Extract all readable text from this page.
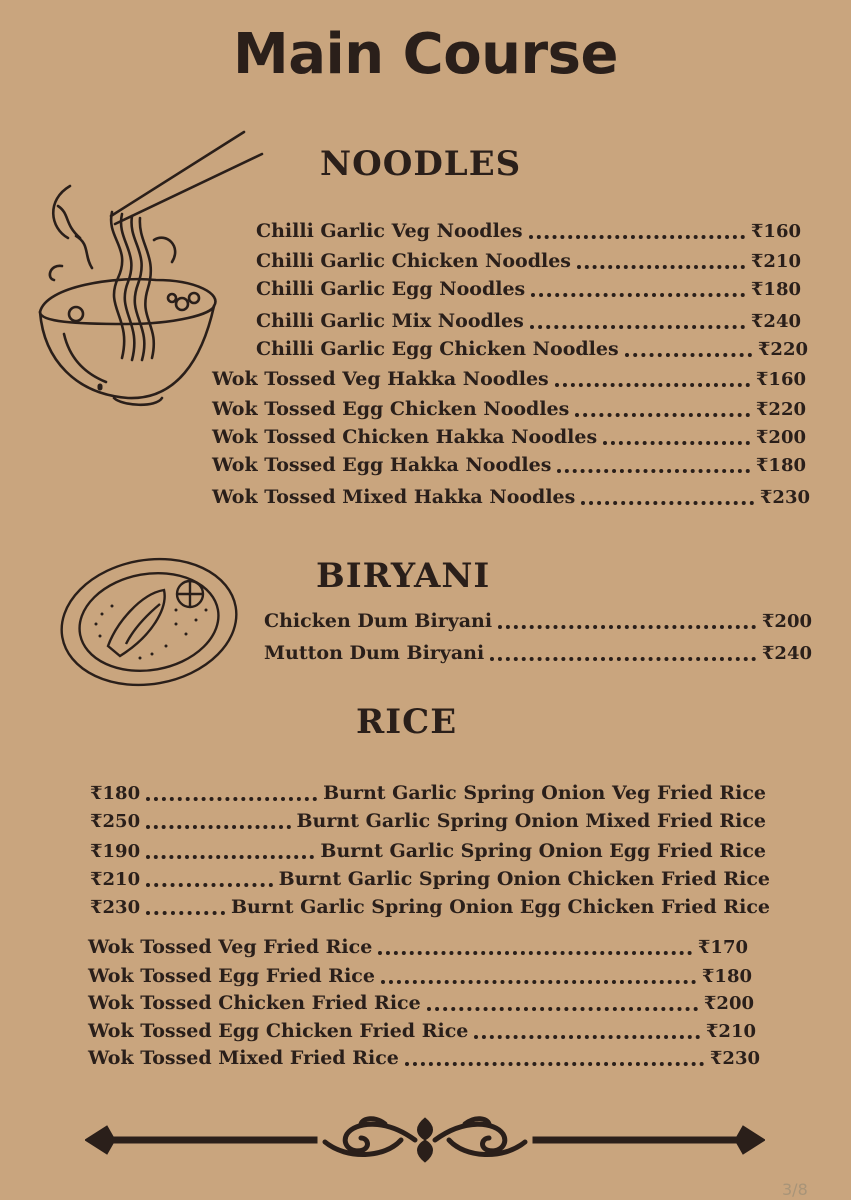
Main Course
NOODLES
Chilli Garlic Veg Noodles	₹160
Chilli Garlic Chicken Noodles	₹210
Chilli Garlic Egg Noodles	₹180
Chilli Garlic Mix Noodles	₹240
Chilli Garlic Egg Chicken Noodles	₹220
Wok Tossed Veg Hakka Noodles	₹160
Wok Tossed Egg Chicken Noodles	₹220
Wok Tossed Chicken Hakka Noodles	₹200
Wok Tossed Egg Hakka Noodles	₹180
Wok Tossed Mixed Hakka Noodles	₹230
BIRYANI
Chicken Dum Biryani	₹200
Mutton Dum Biryani	₹240
RICE
₹180	Burnt Garlic Spring Onion Veg Fried Rice
₹250	Burnt Garlic Spring Onion Mixed Fried Rice
₹190	Burnt Garlic Spring Onion Egg Fried Rice
₹210	Burnt Garlic Spring Onion Chicken Fried Rice
₹230	Burnt Garlic Spring Onion Egg Chicken Fried Rice
Wok Tossed Veg Fried Rice	₹170
Wok Tossed Egg Fried Rice	₹180
Wok Tossed Chicken Fried Rice	₹200
Wok Tossed Egg Chicken Fried Rice	₹210
Wok Tossed Mixed Fried Rice	₹230
3/8
